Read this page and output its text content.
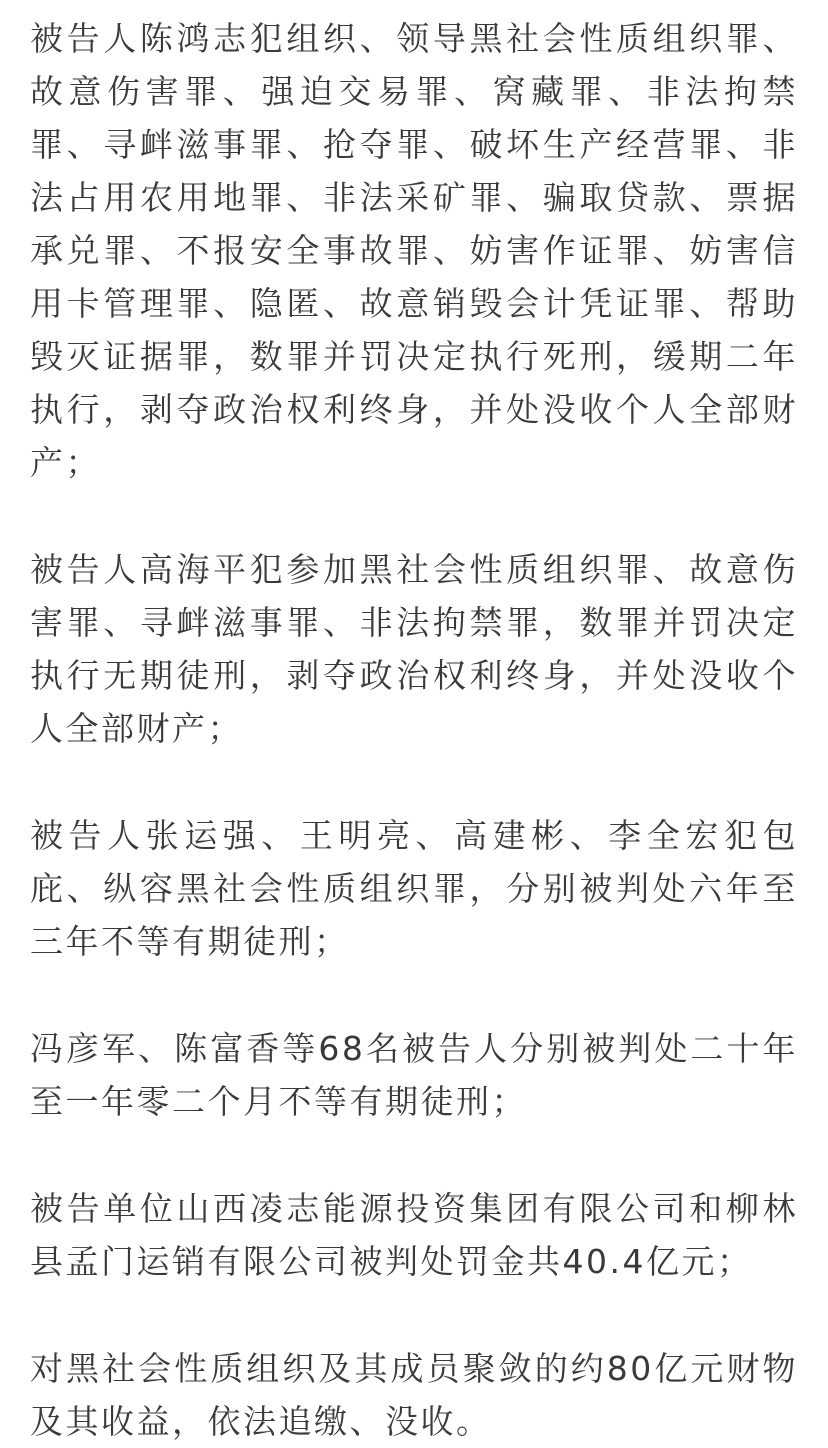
被告人陈鸿志犯组织、领导黑社会性质组织罪、故意伤害罪、强迫交易罪、窝藏罪、非法拘禁罪、寻衅滋事罪、抢夺罪、破坏生产经营罪、非法占用农用地罪、非法采矿罪、骗取贷款、票据承兑罪、不报安全事故罪、妨害作证罪、妨害信用卡管理罪、隐匿、故意销毁会计凭证罪、帮助毁灭证据罪，数罪并罚决定执行死刑，缓期二年执行，剥夺政治权利终身，并处没收个人全部财产；

被告人高海平犯参加黑社会性质组织罪、故意伤害罪、寻衅滋事罪、非法拘禁罪，数罪并罚决定执行无期徒刑，剥夺政治权利终身，并处没收个人全部财产；

被告人张运强、王明亮、高建彬、李全宏犯包庇、纵容黑社会性质组织罪，分别被判处六年至三年不等有期徒刑；

冯彦军、陈富香等68名被告人分别被判处二十年至一年零二个月不等有期徒刑；

被告单位山西凌志能源投资集团有限公司和柳林县孟门运销有限公司被判处罚金共40.4亿元；

对黑社会性质组织及其成员聚敛的约80亿元财物及其收益，依法追缴、没收。
